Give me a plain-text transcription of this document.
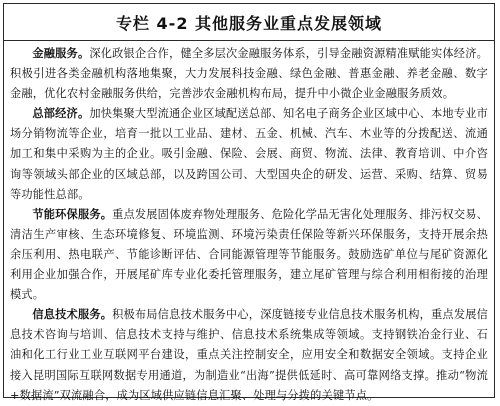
专栏 4-2 其他服务业重点发展领域

金融服务。深化政银企合作，健全多层次金融服务体系，引导金融资源精准赋能实体经济。积极引进各类金融机构落地集聚，大力发展科技金融、绿色金融、普惠金融、养老金融、数字金融，优化农村金融服务供给，完善涉农金融机构布局，提升中小微企业金融服务质效。

总部经济。加快集聚大型流通企业区域配送总部、知名电子商务企业区域中心、本地专业市场分销物流等企业，培育一批以工业品、建材、五金、机械、汽车、木业等的分拨配送、流通加工和集中采购为主的企业。吸引金融、保险、会展、商贸、物流、法律、教育培训、中介咨询等领域头部企业的区域总部，以及跨国公司、大型国央企的研发、运营、采购、结算、贸易等功能性总部。

节能环保服务。重点发展固体废弃物处理服务、危险化学品无害化处理服务、排污权交易、清洁生产审核、生态环境修复、环境监测、环境污染责任保险等新兴环保服务，支持开展余热余压利用、热电联产、节能诊断评估、合同能源管理等节能服务。鼓励选矿单位与尾矿资源化利用企业加强合作，开展尾矿库专业化委托管理服务，建立尾矿管理与综合利用相衔接的治理模式。

信息技术服务。积极布局信息技术服务中心，深度链接专业信息技术服务机构，重点发展信息技术咨询与培训、信息技术支持与维护、信息技术系统集成等领域。支持钢铁冶金行业、石油和化工行业工业互联网平台建设，重点关注控制安全，应用安全和数据安全领域。支持企业接入昆明国际互联网数据专用通道，为制造业“出海”提供低延时、高可靠网络支撑。推动“物流+数据流”双流融合，成为区域供应链信息汇聚、处理与分拨的关键节点。
